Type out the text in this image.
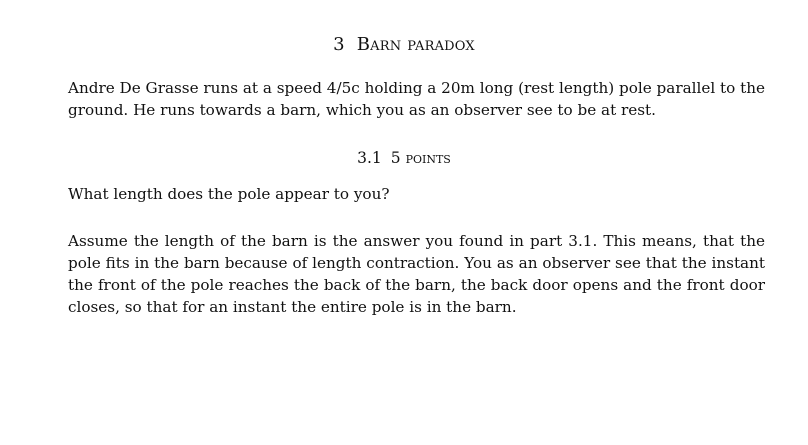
3 Barn paradox

Andre De Grasse runs at a speed 4/5c holding a 20m long (rest length) pole parallel to the ground. He runs towards a barn, which you as an observer see to be at rest.

3.1 5 points

What length does the pole appear to you?

Assume the length of the barn is the answer you found in part 3.1. This means, that the pole fits in the barn because of length contraction. You as an observer see that the instant the front of the pole reaches the back of the barn, the back door opens and the front door closes, so that for an instant the entire pole is in the barn.
